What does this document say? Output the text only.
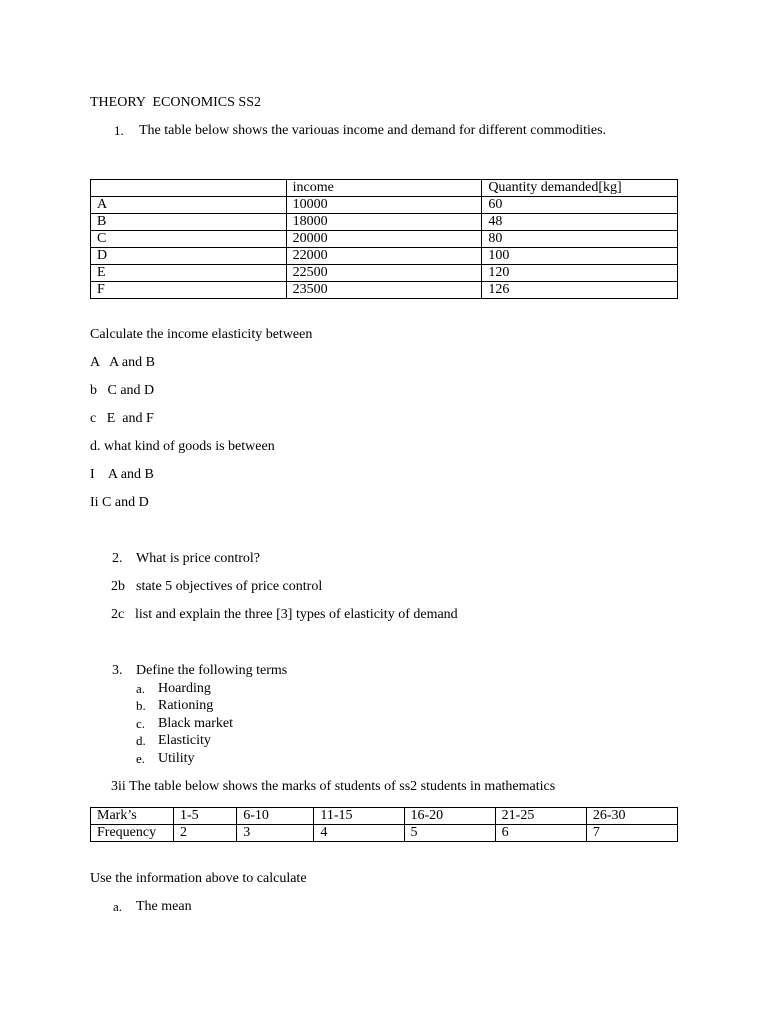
THEORY  ECONOMICS SS2
1. The table below shows the variouas income and demand for different commodities.
	income	Quantity demanded[kg]
A	10000	60
B	18000	48
C	20000	80
D	22000	100
E	22500	120
F	23500	126
Calculate the income elasticity between
A   A and B
b   C and D
c   E  and F
d. what kind of goods is between
I    A and B
Ii C and D
2. What is price control?
2b state 5 objectives of price control
2c list and explain the three [3] types of elasticity of demand
3. Define the following terms
a. Hoarding
b. Rationing
c. Black market
d. Elasticity
e. Utility
3ii The table below shows the marks of students of ss2 students in mathematics
Mark’s	1-5	6-10	11-15	16-20	21-25	26-30
Frequency	2	3	4	5	6	7
Use the information above to calculate
a. The mean
